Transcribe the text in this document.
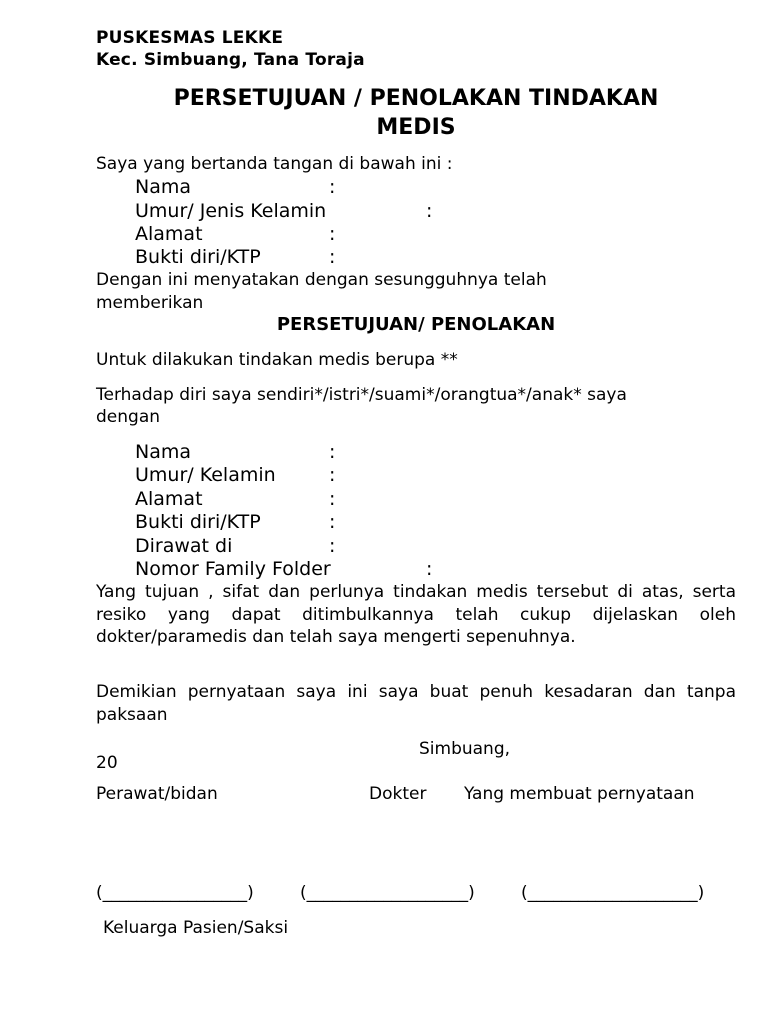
PUSKESMAS LEKKE
Kec. Simbuang, Tana Toraja
PERSETUJUAN / PENOLAKAN TINDAKAN
MEDIS
Saya yang bertanda tangan di bawah ini :
Nama	:
Umur/ Jenis Kelamin	:
Alamat	:
Bukti diri/KTP	:
Dengan ini menyatakan dengan sesungguhnya telah
memberikan
PERSETUJUAN/ PENOLAKAN
Untuk dilakukan tindakan medis berupa **
Terhadap diri saya sendiri*/istri*/suami*/orangtua*/anak* saya
dengan
Nama	:
Umur/ Kelamin	:
Alamat	:
Bukti diri/KTP	:
Dirawat di	:
Nomor Family Folder	:
Yang tujuan , sifat dan perlunya tindakan medis tersebut di atas, serta resiko yang dapat ditimbulkannya telah cukup dijelaskan oleh dokter/paramedis dan telah saya mengerti sepenuhnya.
Demikian pernyataan saya ini saya buat penuh kesadaran dan tanpa paksaan
Simbuang,
20
Perawat/bidan	Dokter Yang membuat pernyataan
(_________________)	(___________________)	(____________________)
Keluarga Pasien/Saksi
